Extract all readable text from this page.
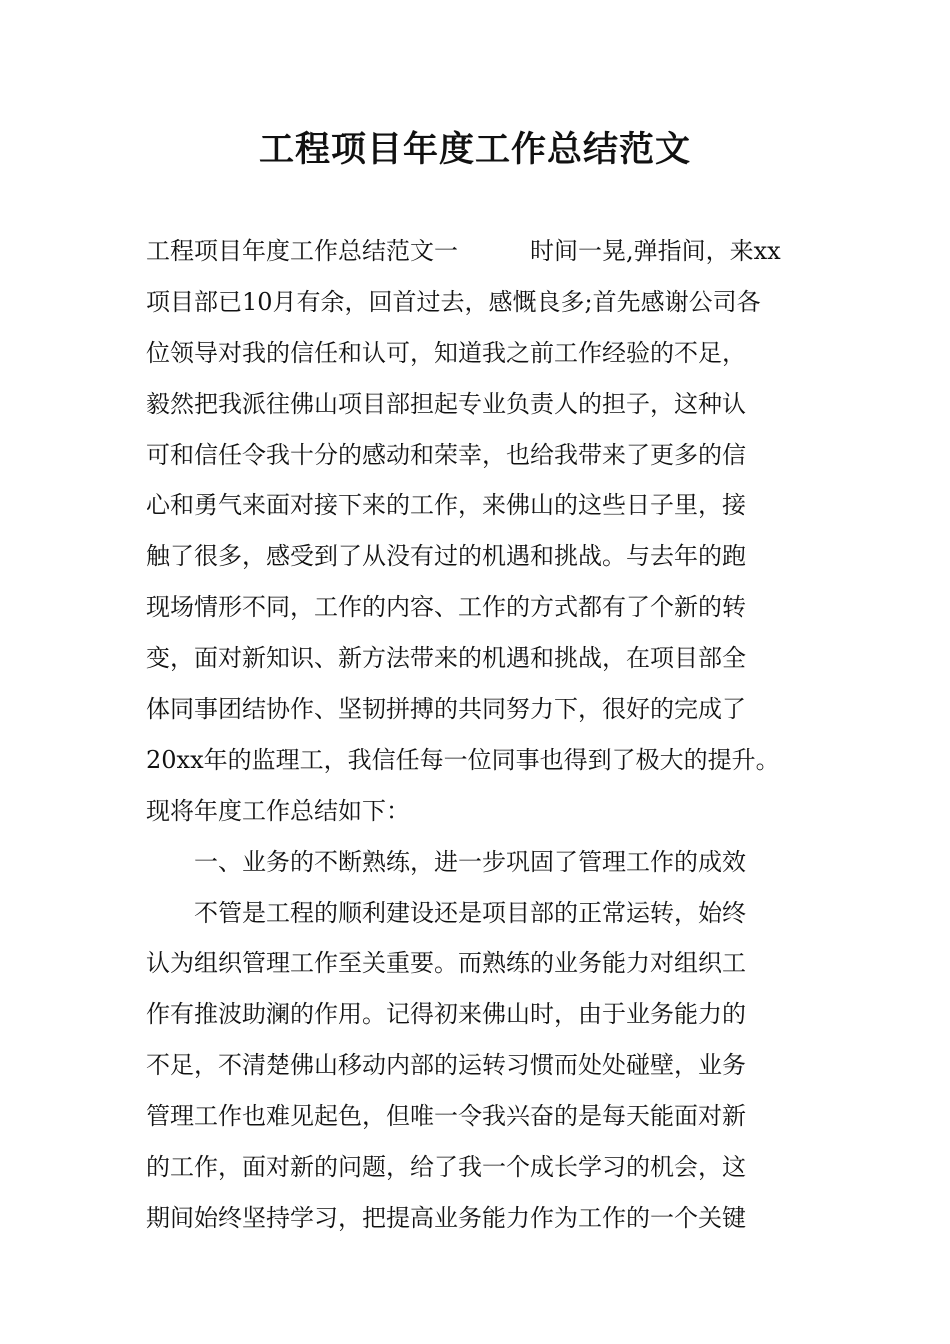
工程项目年度工作总结范文

工程项目年度工作总结范文一　　　时间一晃,弹指间，来xx

项目部已10月有余，回首过去，感慨良多;首先感谢公司各

位领导对我的信任和认可，知道我之前工作经验的不足，

毅然把我派往佛山项目部担起专业负责人的担子，这种认

可和信任令我十分的感动和荣幸，也给我带来了更多的信

心和勇气来面对接下来的工作，来佛山的这些日子里，接

触了很多，感受到了从没有过的机遇和挑战。与去年的跑

现场情形不同，工作的内容、工作的方式都有了个新的转

变，面对新知识、新方法带来的机遇和挑战，在项目部全

体同事团结协作、坚韧拼搏的共同努力下，很好的完成了

20xx年的监理工，我信任每一位同事也得到了极大的提升。

现将年度工作总结如下：

　　一、业务的不断熟练，进一步巩固了管理工作的成效

　　不管是工程的顺利建设还是项目部的正常运转，始终

认为组织管理工作至关重要。而熟练的业务能力对组织工

作有推波助澜的作用。记得初来佛山时，由于业务能力的

不足，不清楚佛山移动内部的运转习惯而处处碰壁，业务

管理工作也难见起色，但唯一令我兴奋的是每天能面对新

的工作，面对新的问题，给了我一个成长学习的机会，这

期间始终坚持学习，把提高业务能力作为工作的一个关键
